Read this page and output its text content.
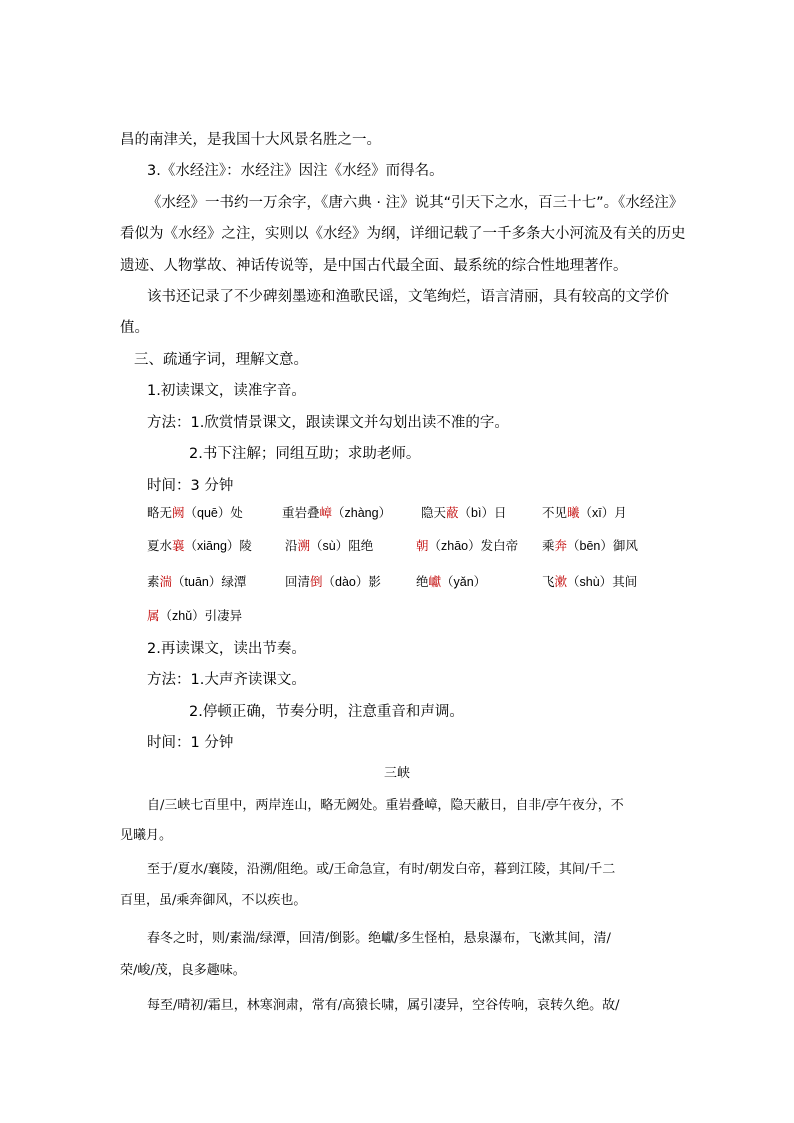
昌的南津关，是我国十大风景名胜之一。
3.《水经注》：水经注》因注《水经》而得名。
《水经》一书约一万余字，《唐六典 · 注》说其“引天下之水，百三十七”。《水经注》
看似为《水经》之注，实则以《水经》为纲，详细记载了一千多条大小河流及有关的历史
遗迹、人物掌故、神话传说等，是中国古代最全面、最系统的综合性地理著作。
该书还记录了不少碑刻墨迹和渔歌民谣，文笔绚烂，语言清丽，具有较高的文学价
值。
三、疏通字词，理解文意。
1.初读课文，读准字音。
方法：1.欣赏情景课文，跟读课文并勾划出读不准的字。
2.书下注解；同组互助；求助老师。
时间：3 分钟
略无阙（quē）处	重岩叠嶂（zhàng） 隐天蔽（bì）日	不见曦（xī）月
夏水襄（xiāng）陵	沿溯（sù）阻绝	朝（zhāo）发白帝 乘奔（bēn）御风
素湍（tuān）绿潭	回清倒（dào）影	绝巘（yǎn）	飞漱（shù）其间
属（zhǔ）引凄异
2.再读课文，读出节奏。
方法：1.大声齐读课文。
2.停顿正确，节奏分明，注意重音和声调。
时间：1 分钟
三峡
自/三峡七百里中，两岸连山，略无阙处。重岩叠嶂，隐天蔽日，自非/亭午夜分，不
见曦月。
至于/夏水/襄陵，沿溯/阻绝。或/王命急宣，有时/朝发白帝，暮到江陵，其间/千二
百里，虽/乘奔御风，不以疾也。
春冬之时，则/素湍/绿潭，回清/倒影。绝巘/多生怪柏，悬泉瀑布，飞漱其间，清/
荣/峻/茂，良多趣味。
每至/晴初/霜旦，林寒涧肃，常有/高猿长啸，属引凄异，空谷传响，哀转久绝。故/
